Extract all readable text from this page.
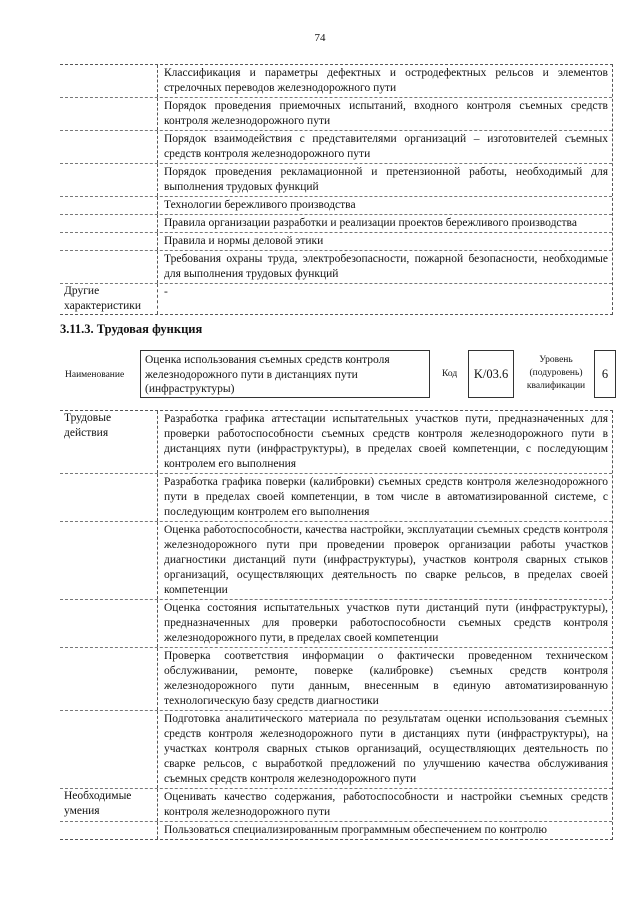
74
Классификация и параметры дефектных и остродефектных рельсов и элементов стрелочных переводов железнодорожного пути
Порядок проведения приемочных испытаний, входного контроля съемных средств контроля железнодорожного пути
Порядок взаимодействия с представителями организаций – изготовителей съемных средств контроля железнодорожного пути
Порядок проведения рекламационной и претензионной работы, необходимый для выполнения трудовых функций
Технологии бережливого производства
Правила организации разработки и реализации проектов бережливого производства
Правила и нормы деловой этики
Требования охраны труда, электробезопасности, пожарной безопасности, необходимые для выполнения трудовых функций
Другие характеристики
-
3.11.3. Трудовая функция
Наименование
Оценка использования съемных средств контроля железнодорожного пути в дистанциях пути (инфраструктуры)
Код	K/03.6
Уровень (подуровень) квалификации
6
Трудовые действия
Разработка графика аттестации испытательных участков пути, предназначенных для проверки работоспособности съемных средств контроля железнодорожного пути в дистанциях пути (инфраструктуры), в пределах своей компетенции, с последующим контролем его выполнения
Разработка графика поверки (калибровки) съемных средств контроля железнодорожного пути в пределах своей компетенции, в том числе в автоматизированной системе, с последующим контролем его выполнения
Оценка работоспособности, качества настройки, эксплуатации съемных средств контроля железнодорожного пути при проведении проверок организации работы участков диагностики дистанций пути (инфраструктуры), участков контроля сварных стыков организаций, осуществляющих деятельность по сварке рельсов, в пределах своей компетенции
Оценка состояния испытательных участков пути дистанций пути (инфраструктуры), предназначенных для проверки работоспособности съемных средств контроля железнодорожного пути, в пределах своей компетенции
Проверка соответствия информации о фактически проведенном техническом обслуживании, ремонте, поверке (калибровке) съемных средств контроля железнодорожного пути данным, внесенным в единую автоматизированную технологическую базу средств диагностики
Подготовка аналитического материала по результатам оценки использования съемных средств контроля железнодорожного пути в дистанциях пути (инфраструктуры), на участках контроля сварных стыков организаций, осуществляющих деятельность по сварке рельсов, с выработкой предложений по улучшению качества обслуживания съемных средств контроля железнодорожного пути
Необходимые умения
Оценивать качество содержания, работоспособности и настройки съемных средств контроля железнодорожного пути
Пользоваться специализированным программным обеспечением по контролю
